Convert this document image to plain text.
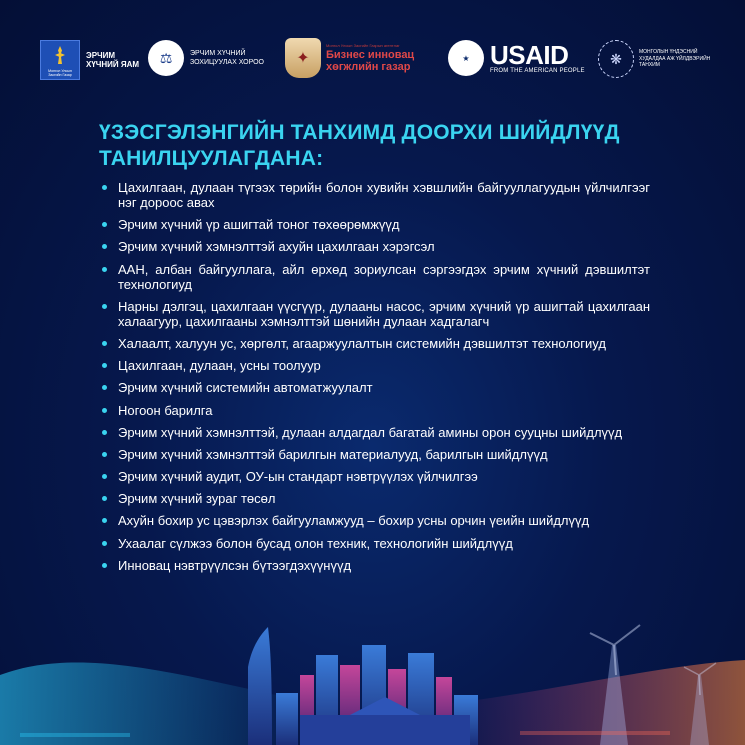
Монгол Улсын Засгийн Газар
ЭРЧИМ
ХҮЧНИЙ ЯАМ	⚖	ЭРЧИМ ХҮЧНИЙ
ЗОХИЦУУЛАХ ХОРОО	✦
Монгол Улсын Засгийн Газрын агентлаг
Бизнес инновац
хөгжлийн газар
★ USAID
FROM THE AMERICAN PEOPLE
❋	МОНГОЛЫН ҮНДЭСНИЙ
ХУДАЛДАА АЖ ҮЙЛДВЭРИЙН
ТАНХИМ
ҮЗЭСГЭЛЭНГИЙН ТАНХИМД ДООРХИ ШИЙДЛҮҮД ТАНИЛЦУУЛАГДАНА:
Цахилгаан, дулаан түгээх төрийн болон хувийн хэвшлийн байгууллагуудын үйлчилгээг нэг дороос авах
Эрчим хүчний үр ашигтай тоног төхөөрөмжүүд
Эрчим хүчний хэмнэлттэй ахуйн цахилгаан хэрэгсэл
ААН, албан байгууллага, айл өрхөд зориулсан сэргээгдэх эрчим хүчний дэвшилтэт технологиуд
Нарны дэлгэц, цахилгаан үүсгүүр, дулааны насос, эрчим хүчний үр ашигтай цахилгаан халаагуур, цахилгааны хэмнэлттэй шөнийн дулаан хадгалагч
Халаалт, халуун ус, хөргөлт, агааржуулалтын системийн дэвшилтэт технологиуд
Цахилгаан, дулаан, усны тоолуур
Эрчим хүчний системийн автоматжуулалт
Ногоон барилга
Эрчим хүчний хэмнэлттэй, дулаан алдагдал багатай амины орон сууцны шийдлүүд
Эрчим хүчний хэмнэлттэй барилгын материалууд, барилгын шийдлүүд
Эрчим хүчний аудит, ОУ-ын стандарт нэвтрүүлэх үйлчилгээ
Эрчим хүчний зураг төсөл
Ахуйн бохир ус цэвэрлэх байгууламжууд – бохир усны орчин үеийн шийдлүүд
Ухаалаг сүлжээ болон бусад олон техник, технологийн шийдлүүд
Инновац нэвтрүүлсэн бүтээгдэхүүнүүд
